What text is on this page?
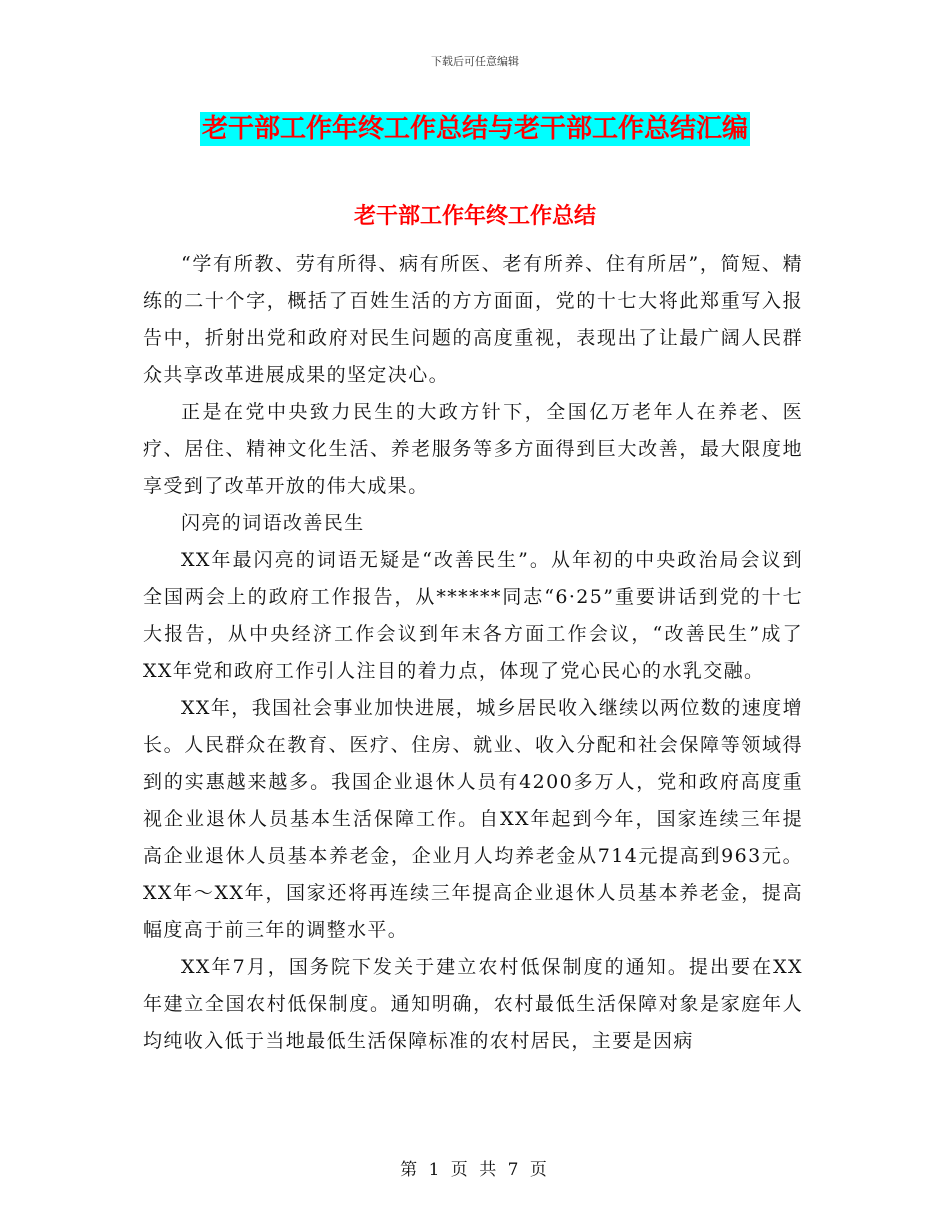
下载后可任意编辑
老干部工作年终工作总结与老干部工作总结汇编
老干部工作年终工作总结

“学有所教、劳有所得、病有所医、老有所养、住有所居”，简短、精练的二十个字，概括了百姓生活的方方面面，党的十七大将此郑重写入报告中，折射出党和政府对民生问题的高度重视，表现出了让最广阔人民群众共享改革进展成果的坚定决心。

正是在党中央致力民生的大政方针下，全国亿万老年人在养老、医疗、居住、精神文化生活、养老服务等多方面得到巨大改善，最大限度地享受到了改革开放的伟大成果。

闪亮的词语改善民生

XX年最闪亮的词语无疑是“改善民生”。从年初的中央政治局会议到全国两会上的政府工作报告，从******同志“6·25”重要讲话到党的十七大报告，从中央经济工作会议到年末各方面工作会议，“改善民生”成了XX年党和政府工作引人注目的着力点，体现了党心民心的水乳交融。

XX年，我国社会事业加快进展，城乡居民收入继续以两位数的速度增长。人民群众在教育、医疗、住房、就业、收入分配和社会保障等领域得到的实惠越来越多。我国企业退休人员有4200多万人，党和政府高度重视企业退休人员基本生活保障工作。自XX年起到今年，国家连续三年提高企业退休人员基本养老金，企业月人均养老金从714元提高到963元。XX年～XX年，国家还将再连续三年提高企业退休人员基本养老金，提高幅度高于前三年的调整水平。

XX年7月，国务院下发关于建立农村低保制度的通知。提出要在XX年建立全国农村低保制度。通知明确，农村最低生活保障对象是家庭年人均纯收入低于当地最低生活保障标准的农村居民，主要是因病

第 1 页 共 7 页
